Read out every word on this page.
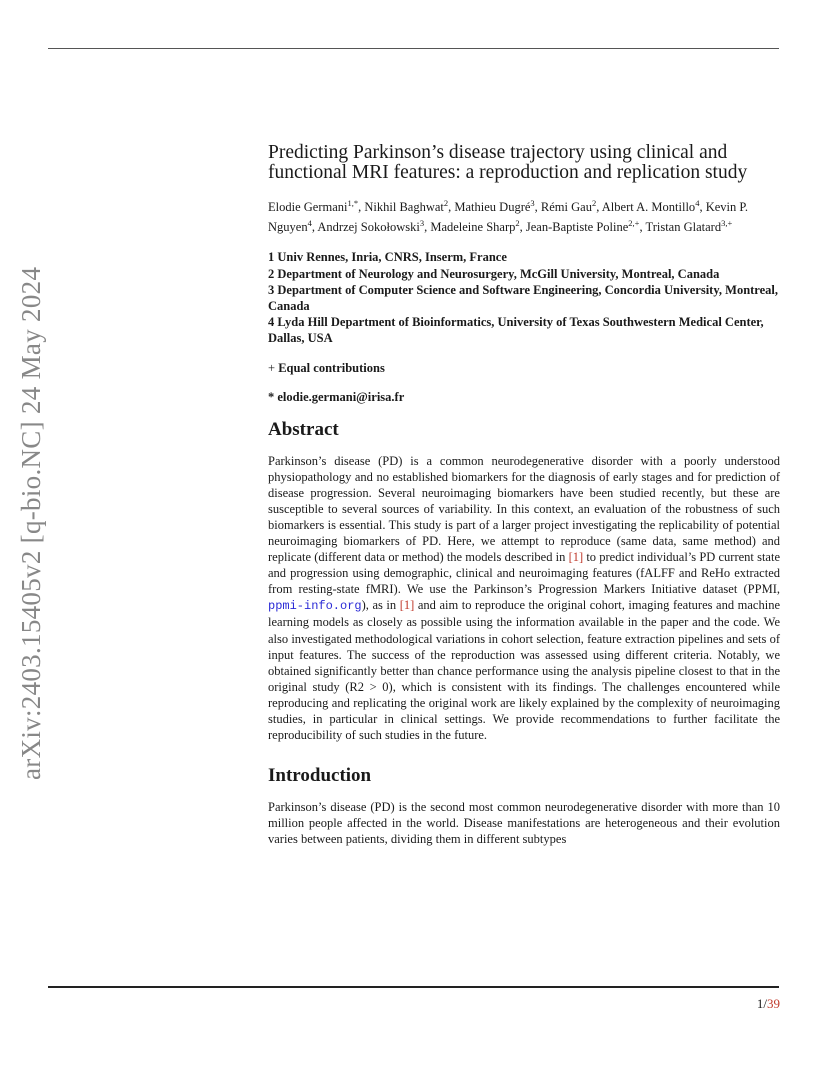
arXiv:2403.15405v2 [q-bio.NC] 24 May 2024
Predicting Parkinson’s disease trajectory using clinical and functional MRI features: a reproduction and replication study

Elodie Germani$^{1,*}$, Nikhil Baghwat$^2$, Mathieu Dugré$^3$, Rémi Gau$^2$, Albert A. Montillo$^4$, Kevin P. Nguyen$^4$, Andrzej Sokołowski$^3$, Madeleine Sharp$^2$, Jean-Baptiste Poline$^{2,+}$, Tristan Glatard$^{3,+}$

1 Univ Rennes, Inria, CNRS, Inserm, France
2 Department of Neurology and Neurosurgery, McGill University, Montreal, Canada
3 Department of Computer Science and Software Engineering, Concordia University, Montreal, Canada
4 Lyda Hill Department of Bioinformatics, University of Texas Southwestern Medical Center, Dallas, USA

+ Equal contributions

* elodie.germani@irisa.fr

Abstract

Parkinson’s disease (PD) is a common neurodegenerative disorder with a poorly understood physiopathology and no established biomarkers for the diagnosis of early stages and for prediction of disease progression. Several neuroimaging biomarkers have been studied recently, but these are susceptible to several sources of variability. In this context, an evaluation of the robustness of such biomarkers is essential. This study is part of a larger project investigating the replicability of potential neuroimaging biomarkers of PD. Here, we attempt to reproduce (same data, same method) and replicate (different data or method) the models described in [1] to predict individual’s PD current state and progression using demographic, clinical and neuroimaging features (fALFF and ReHo extracted from resting-state fMRI). We use the Parkinson’s Progression Markers Initiative dataset (PPMI, ppmi-info.org), as in [1] and aim to reproduce the original cohort, imaging features and machine learning models as closely as possible using the information available in the paper and the code. We also investigated methodological variations in cohort selection, feature extraction pipelines and sets of input features. The success of the reproduction was assessed using different criteria. Notably, we obtained significantly better than chance performance using the analysis pipeline closest to that in the original study (R2 > 0), which is consistent with its findings. The challenges encountered while reproducing and replicating the original work are likely explained by the complexity of neuroimaging studies, in particular in clinical settings. We provide recommendations to further facilitate the reproducibility of such studies in the future.

Introduction

Parkinson’s disease (PD) is the second most common neurodegenerative disorder with more than 10 million people affected in the world. Disease manifestations are heterogeneous and their evolution varies between patients, dividing them in different subtypes

1/39
